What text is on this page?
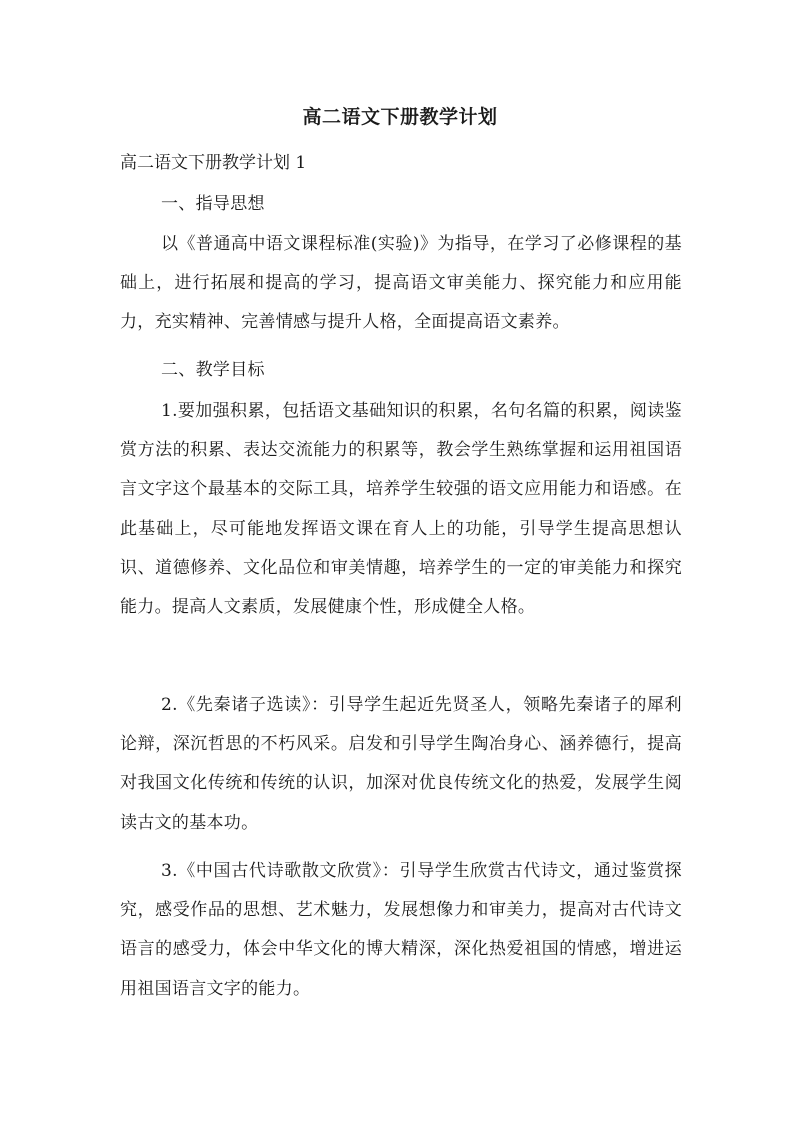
高二语文下册教学计划
高二语文下册教学计划 1
一、指导思想
以《普通高中语文课程标准(实验)》为指导，在学习了必修课程的基础上，进行拓展和提高的学习，提高语文审美能力、探究能力和应用能力，充实精神、完善情感与提升人格，全面提高语文素养。
二、教学目标
1.要加强积累，包括语文基础知识的积累，名句名篇的积累，阅读鉴赏方法的积累、表达交流能力的积累等，教会学生熟练掌握和运用祖国语言文字这个最基本的交际工具，培养学生较强的语文应用能力和语感。在此基础上，尽可能地发挥语文课在育人上的功能，引导学生提高思想认识、道德修养、文化品位和审美情趣，培养学生的一定的审美能力和探究能力。提高人文素质，发展健康个性，形成健全人格。
2.《先秦诸子选读》：引导学生起近先贤圣人，领略先秦诸子的犀利论辩，深沉哲思的不朽风采。启发和引导学生陶冶身心、涵养德行，提高对我国文化传统和传统的认识，加深对优良传统文化的热爱，发展学生阅读古文的基本功。
3.《中国古代诗歌散文欣赏》：引导学生欣赏古代诗文，通过鉴赏探究，感受作品的思想、艺术魅力，发展想像力和审美力，提高对古代诗文语言的感受力，体会中华文化的博大精深，深化热爱祖国的情感，增进运用祖国语言文字的能力。
